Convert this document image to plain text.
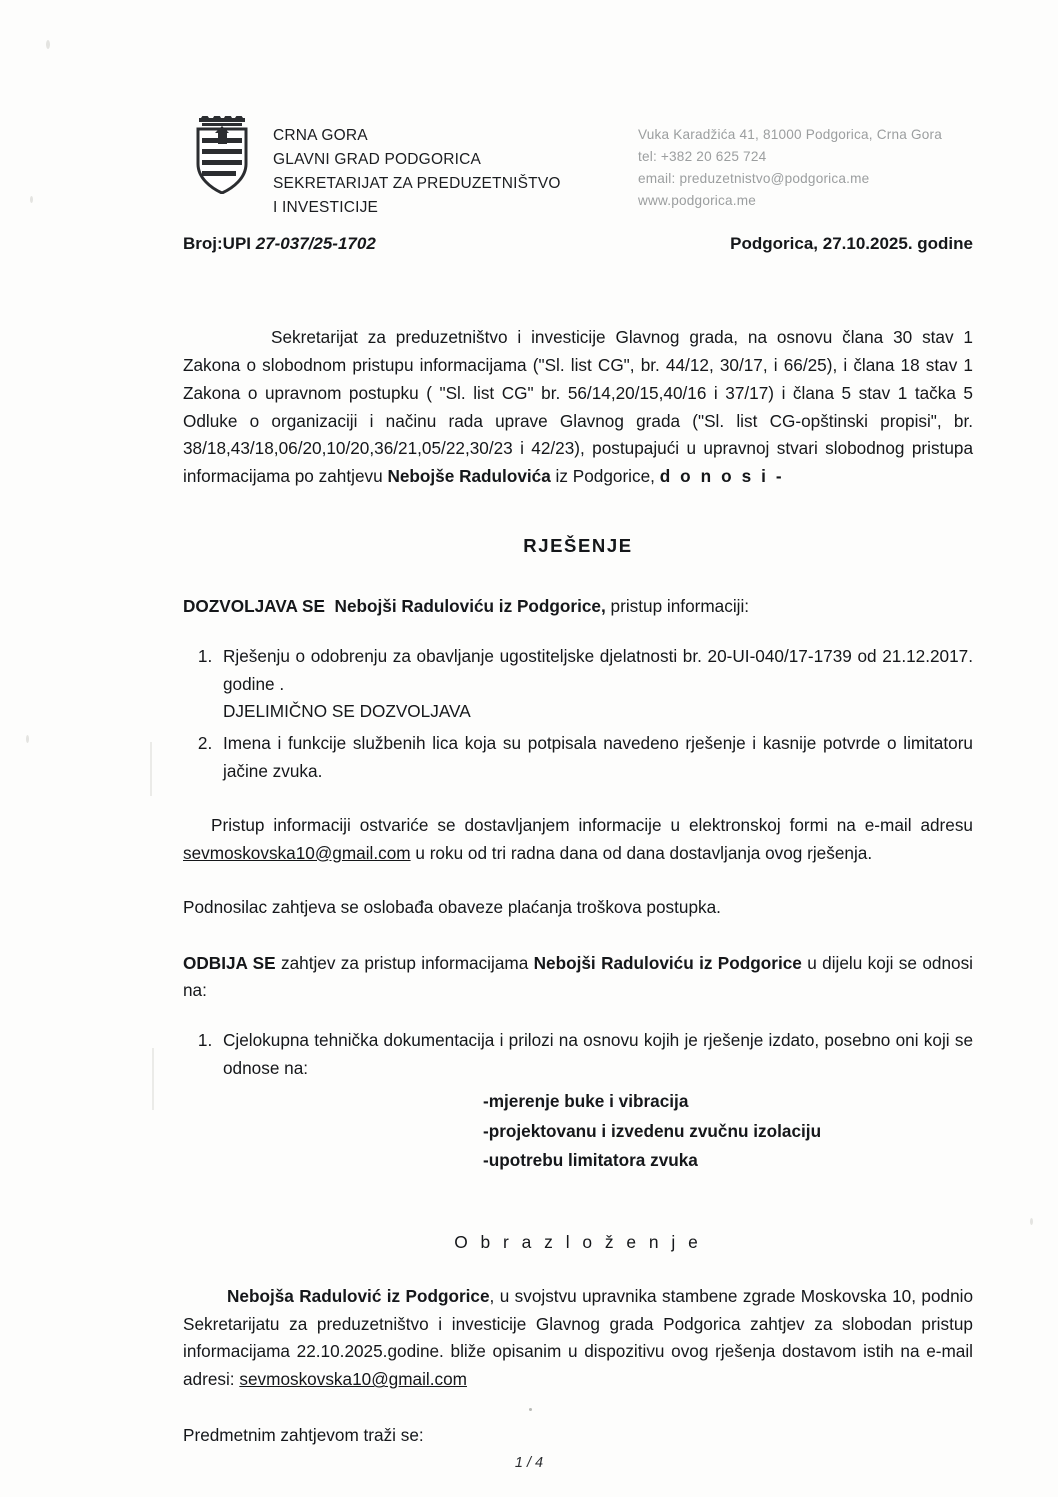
CRNA GORA
GLAVNI GRAD PODGORICA
SEKRETARIJAT ZA PREDUZETNIŠTVO
I INVESTICIJE
Vuka Karadžića 41, 81000 Podgorica, Crna Gora
tel: +382 20 625 724
email: preduzetnistvo@podgorica.me
www.podgorica.me
Broj:UPI 27-037/25-1702	Podgorica, 27.10.2025. godine

Sekretarijat za preduzetništvo i investicije Glavnog grada, na osnovu člana 30 stav 1 Zakona o slobodnom pristupu informacijama ("Sl. list CG", br. 44/12, 30/17, i 66/25), i člana 18 stav 1 Zakona o upravnom postupku ( "Sl. list CG" br. 56/14,20/15,40/16 i 37/17) i člana 5 stav 1 tačka 5 Odluke o organizaciji i načinu rada uprave Glavnog grada ("Sl. list CG-opštinski propisi", br. 38/18,43/18,06/20,10/20,36/21,05/22,30/23 i 42/23), postupajući u upravnoj stvari slobodnog pristupa informacijama po zahtjevu Nebojše Radulovića iz Podgorice, d o n o s i -

RJEŠENJE
DOZVOLJAVA SE Nebojši Raduloviću iz Podgorice, pristup informaciji:
1. Rješenju o odobrenju za obavljanje ugostiteljske djelatnosti br. 20-UI-040/17-1739 od 21.12.2017. godine .
DJELIMIČNO SE DOZVOLJAVA
2. Imena i funkcije službenih lica koja su potpisala navedeno rješenje i kasnije potvrde o limitatoru jačine zvuka.

Pristup informaciji ostvariće se dostavljanjem informacije u elektronskoj formi na e-mail adresu sevmoskovska10@gmail.com u roku od tri radna dana od dana dostavljanja ovog rješenja.

Podnosilac zahtjeva se oslobađa obaveze plaćanja troškova postupka.

ODBIJA SE zahtjev za pristup informacijama Nebojši Raduloviću iz Podgorice u dijelu koji se odnosi na:

1. Cjelokupna tehnička dokumentacija i prilozi na osnovu kojih je rješenje izdato, posebno oni koji se odnose na:
-mjerenje buke i vibracija
-projektovanu i izvedenu zvučnu izolaciju
-upotrebu limitatora zvuka
O b r a z l o ž e n j e

Nebojša Radulović iz Podgorice, u svojstvu upravnika stambene zgrade Moskovska 10, podnio Sekretarijatu za preduzetništvo i investicije Glavnog grada Podgorica zahtjev za slobodan pristup informacijama 22.10.2025.godine. bliže opisanim u dispozitivu ovog rješenja dostavom istih na e-mail adresi: sevmoskovska10@gmail.com

Predmetnim zahtjevom traži se:

1 / 4
